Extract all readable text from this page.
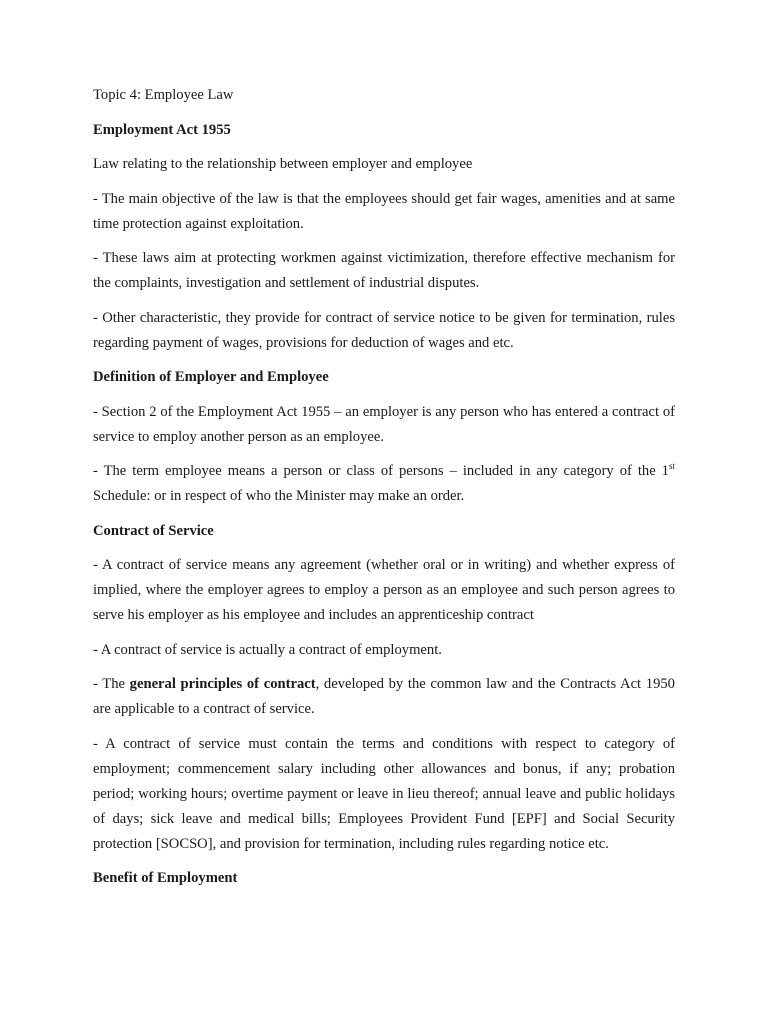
Topic 4: Employee Law

Employment Act 1955

Law relating to the relationship between employer and employee

- The main objective of the law is that the employees should get fair wages, amenities and at same time protection against exploitation.

- These laws aim at protecting workmen against victimization, therefore effective mechanism for the complaints, investigation and settlement of industrial disputes.

- Other characteristic, they provide for contract of service notice to be given for termination, rules regarding payment of wages, provisions for deduction of wages and etc.

Definition of Employer and Employee

- Section 2 of the Employment Act 1955 – an employer is any person who has entered a contract of service to employ another person as an employee.

- The term employee means a person or class of persons – included in any category of the 1st Schedule: or in respect of who the Minister may make an order.

Contract of Service

- A contract of service means any agreement (whether oral or in writing) and whether express of implied, where the employer agrees to employ a person as an employee and such person agrees to serve his employer as his employee and includes an apprenticeship contract

- A contract of service is actually a contract of employment.

- The general principles of contract, developed by the common law and the Contracts Act 1950 are applicable to a contract of service.

- A contract of service must contain the terms and conditions with respect to category of employment; commencement salary including other allowances and bonus, if any; probation period; working hours; overtime payment or leave in lieu thereof; annual leave and public holidays of days; sick leave and medical bills; Employees Provident Fund [EPF] and Social Security protection [SOCSO], and provision for termination, including rules regarding notice etc.

Benefit of Employment
